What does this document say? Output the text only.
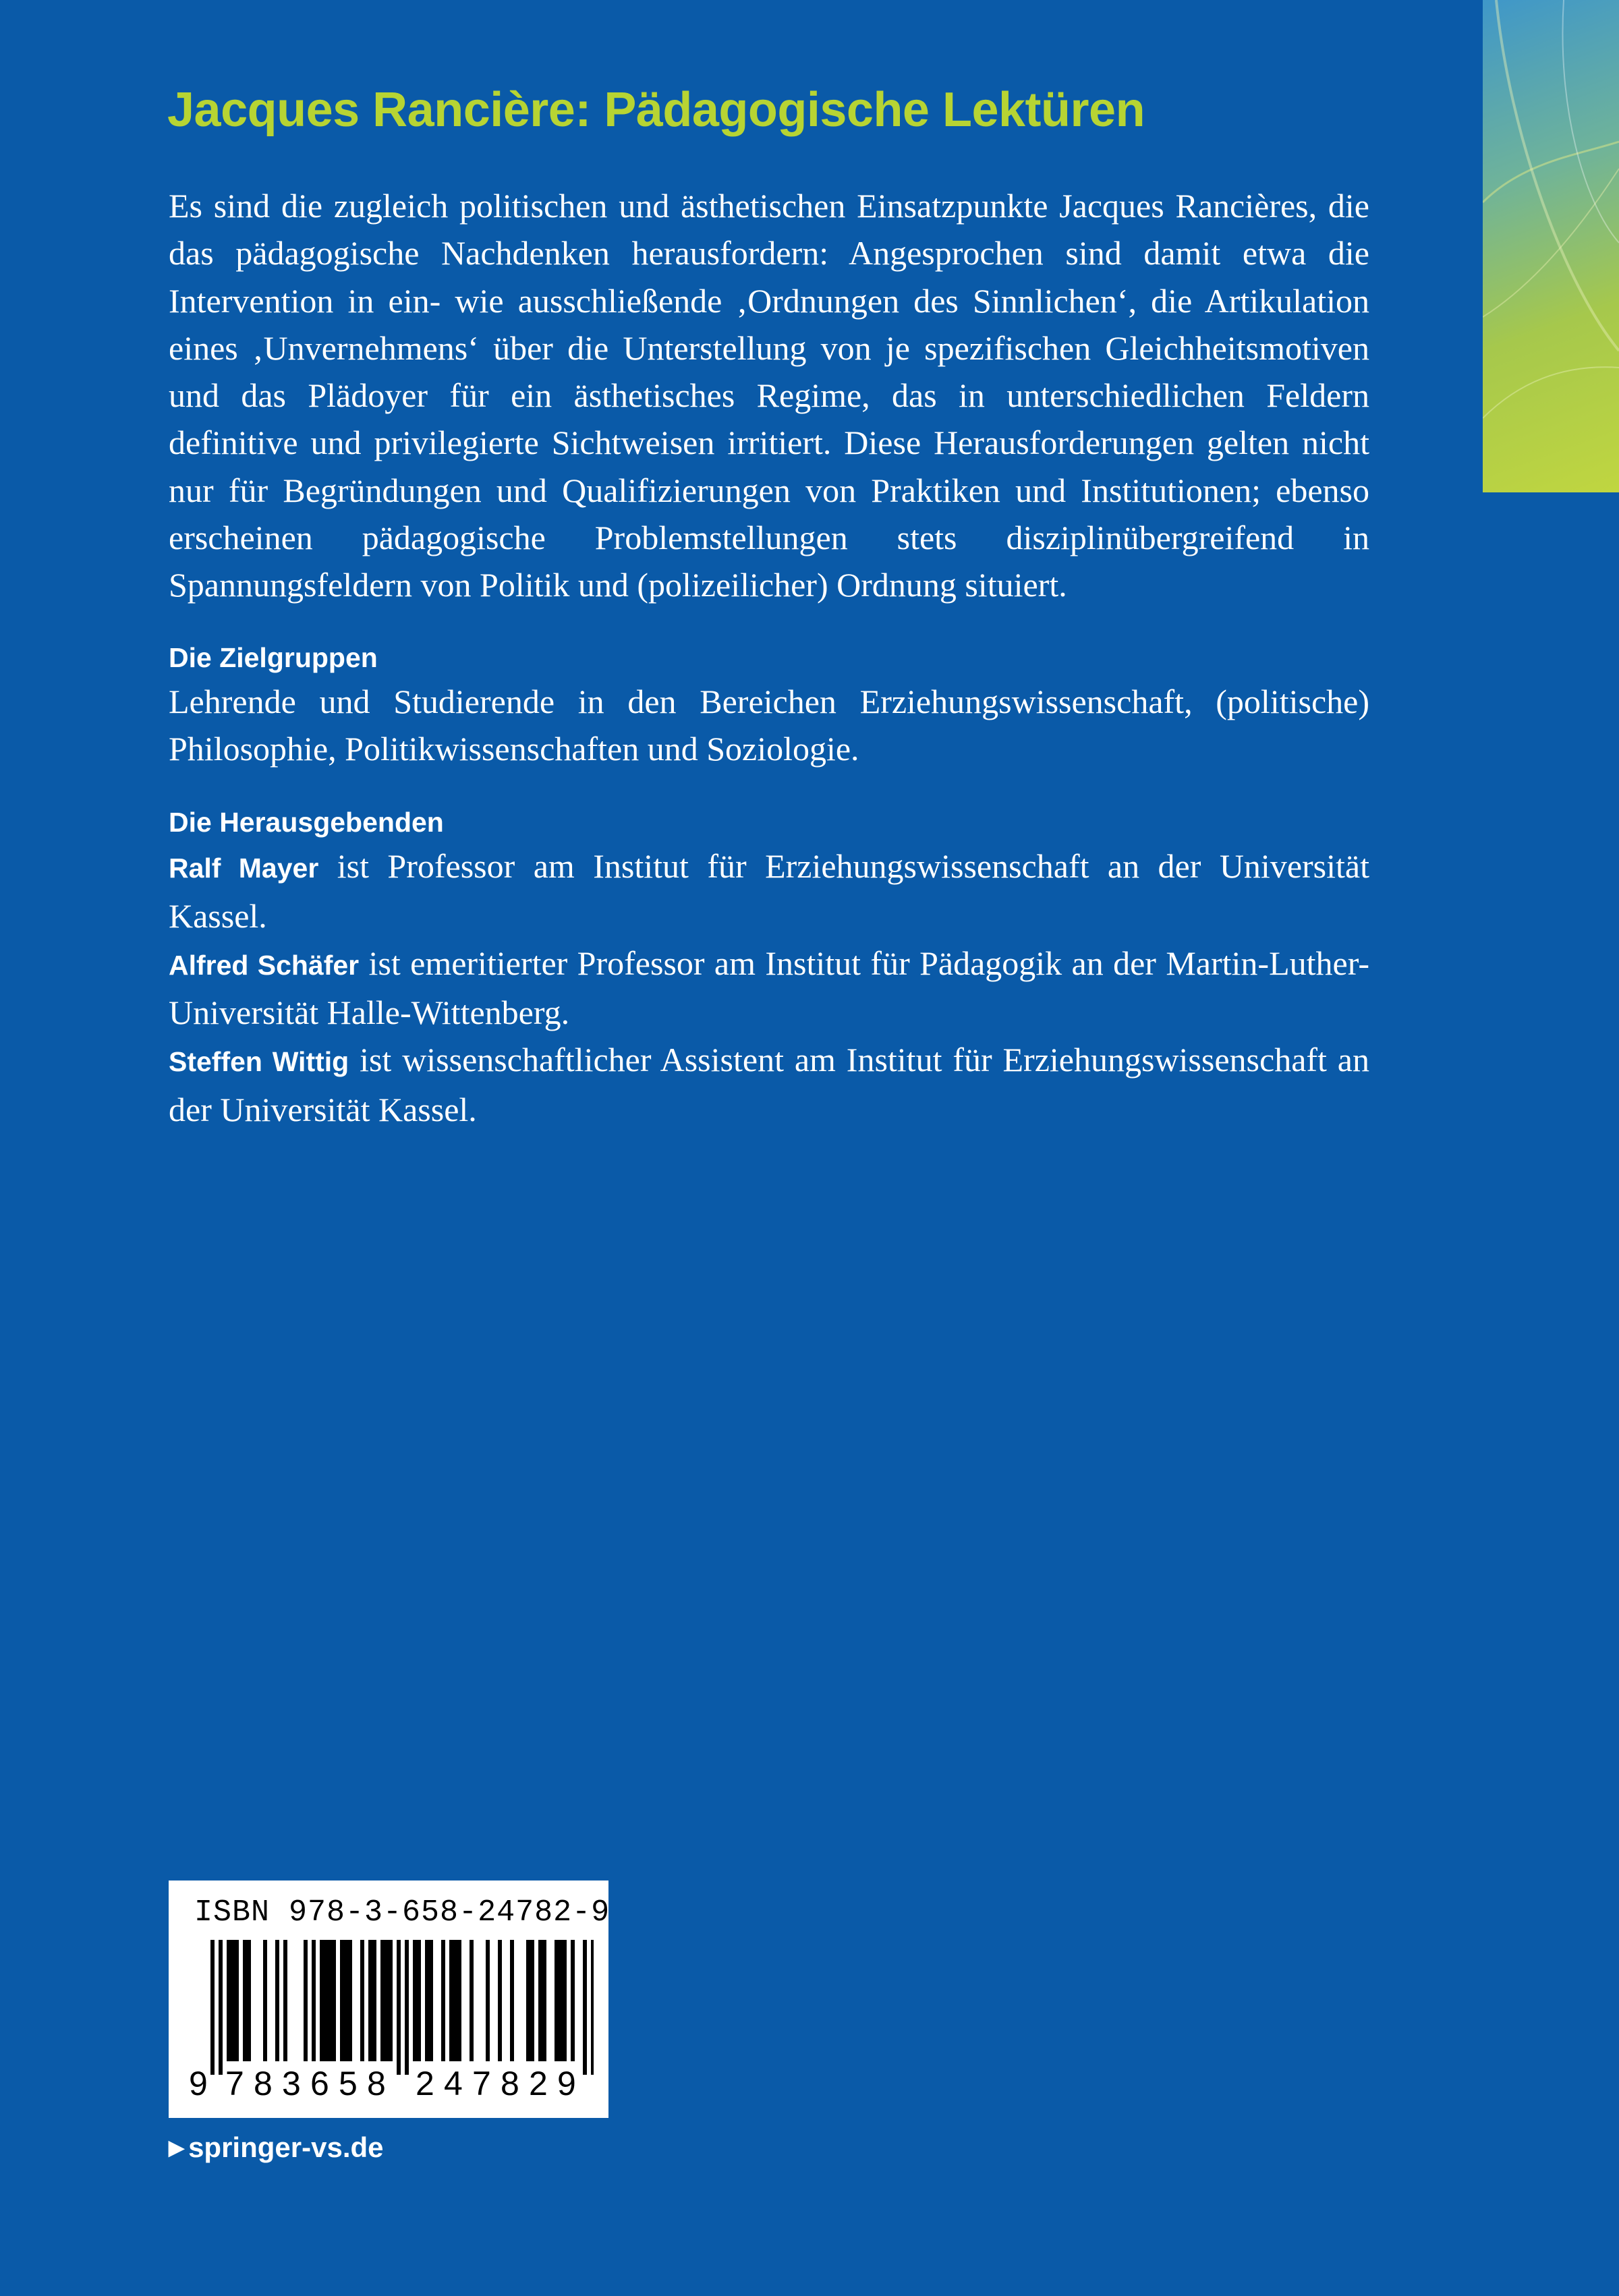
Jacques Rancière: Pädagogische Lektüren

Es sind die zugleich politischen und ästhetischen Einsatzpunkte Jacques Rancières, die das pädagogische Nachdenken herausfordern: Angesprochen sind damit etwa die Intervention in ein- wie ausschließende ‚Ordnungen des Sinnlichen‘, die Artikulation eines ‚Unvernehmens‘ über die Unterstellung von je spezifischen Gleichheitsmotiven und das Plädoyer für ein ästhetisches Regime, das in unterschiedlichen Feldern definitive und privilegierte Sichtweisen irritiert. Diese Herausforderungen gelten nicht nur für Begründungen und Qualifizierungen von Praktiken und Institutionen; ebenso erscheinen pädagogische Problemstellungen stets disziplinübergreifend in Spannungsfeldern von Politik und (polizeilicher) Ordnung situiert.

Die Zielgruppen

Lehrende und Studierende in den Bereichen Erziehungswissenschaft, (politische) Philosophie, Politikwissenschaften und Soziologie.

Die Herausgebenden

Ralf Mayer ist Professor am Institut für Erziehungswissenschaft an der Universität Kassel.

Alfred Schäfer ist emeritierter Professor am Institut für Pädagogik an der Martin-Luther-Universität Halle-Wittenberg.

Steffen Wittig ist wissenschaftlicher Assistent am Institut für Erziehungswissenschaft an der Universität Kassel.

ISBN 978-3-658-24782-9
9 7 8 3 6 5 8 2 4 7 8 2 9
▶ springer-vs.de
